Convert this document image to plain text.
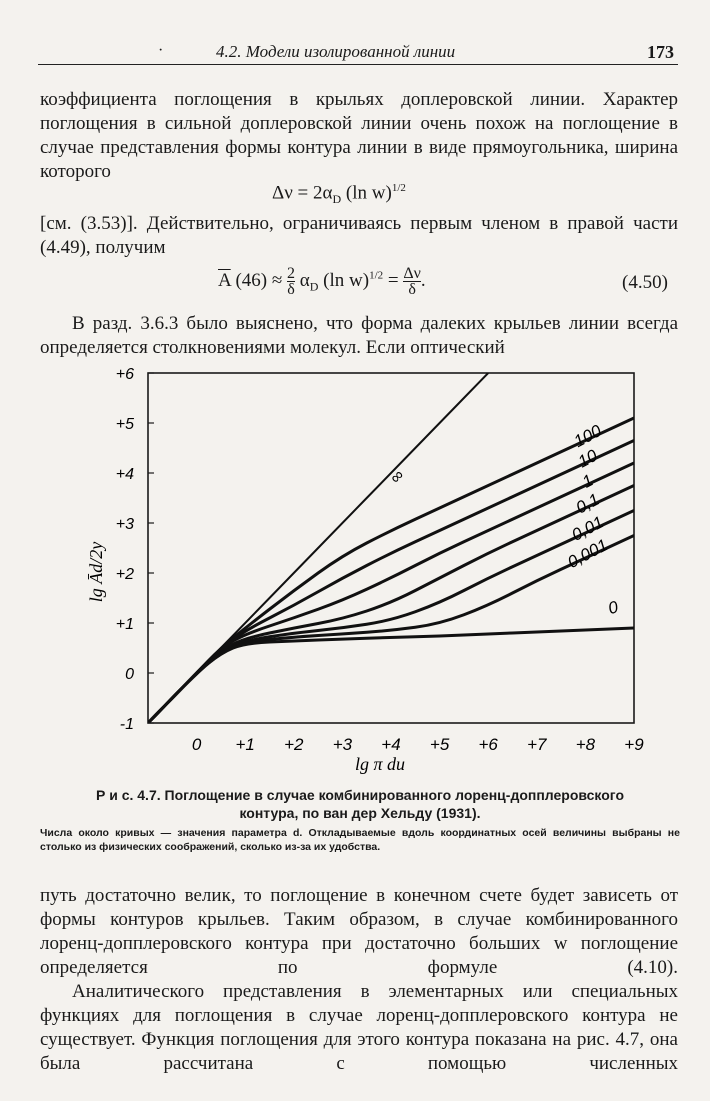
·	4.2. Модели изолированной линии	173
коэффициента поглощения в крыльях доплеровской линии. Характер поглощения в сильной доплеровской линии очень похож на поглощение в случае представления формы контура линии в виде прямоугольника, ширина которого
$\Delta\nu = 2\alpha_D$ (ln w)$^{1/2}$
[см. (3.53)]. Действительно, ограничиваясь первым членом в правой части (4.49), получим
$\overline{A}$ $(46) \approx \frac{2}{\delta} \alpha_D$ (ln $w)^{1/2} = \frac{\Delta\nu}{\delta}$ .	(4.50)
В разд. 3.6.3 было выяснено, что форма далеких крыльев линии всегда определяется столкновениями молекул. Если оптический
∞
100
10
1
0,1
0,01
0,001
0
0 +1 +2 +3 +4 +5 +6 +7 +8 +9
-1
0
+1
+2
+3
+4
+5
+6
lg π du
lg Ād/2y
Р и с. 4.7. Поглощение в случае комбинированного лоренц-допплеровского
контура, по ван дер Хельду (1931).
Числа около кривых — значения параметра d. Откладываемые вдоль координатных осей величины выбраны не столько из физических соображений, сколько из-за их удобства.
путь достаточно велик, то поглощение в конечном счете будет зависеть от формы контуров крыльев. Таким образом, в случае комбинированного лоренц-допплеровского контура при достаточно больших w поглощение определяется по формуле (4.10).
Аналитического представления в элементарных или специальных функциях для поглощения в случае лоренц-допплеровского контура не существует. Функция поглощения для этого контура показана на рис. 4.7, она была рассчитана с помощью численных
